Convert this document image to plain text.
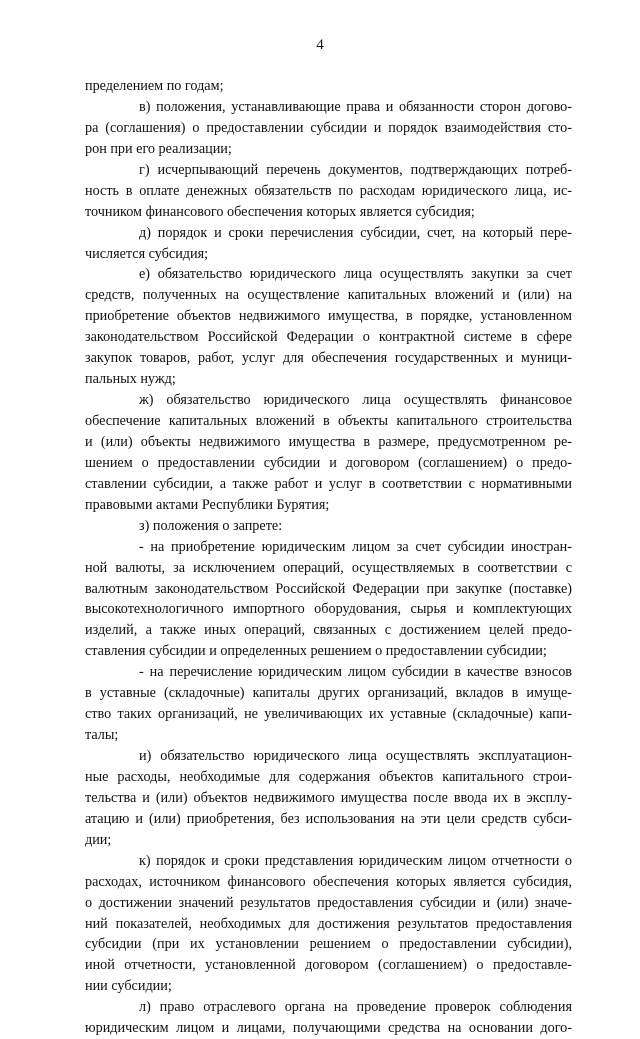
4
пределением по годам;
в) положения, устанавливающие права и обязанности сторон догово-
ра (соглашения) о предоставлении субсидии и порядок взаимодействия сто-
рон при его реализации;
г) исчерпывающий перечень документов, подтверждающих потреб-
ность в оплате денежных обязательств по расходам юридического лица, ис-
точником финансового обеспечения которых является субсидия;
д) порядок и сроки перечисления субсидии, счет, на который пере-
числяется субсидия;
е) обязательство юридического лица осуществлять закупки за счет
средств, полученных на осуществление капитальных вложений и (или) на
приобретение объектов недвижимого имущества, в порядке, установленном
законодательством Российской Федерации о контрактной системе в сфере
закупок товаров, работ, услуг для обеспечения государственных и муници-
пальных нужд;
ж) обязательство юридического лица осуществлять финансовое
обеспечение капитальных вложений в объекты капитального строительства
и (или) объекты недвижимого имущества в размере, предусмотренном ре-
шением о предоставлении субсидии и договором (соглашением) о предо-
ставлении субсидии, а также работ и услуг в соответствии с нормативными
правовыми актами Республики Бурятия;
з) положения о запрете:
- на приобретение юридическим лицом за счет субсидии иностран-
ной валюты, за исключением операций, осуществляемых в соответствии с
валютным законодательством Российской Федерации при закупке (поставке)
высокотехнологичного импортного оборудования, сырья и комплектующих
изделий, а также иных операций, связанных с достижением целей предо-
ставления субсидии и определенных решением о предоставлении субсидии;
- на перечисление юридическим лицом субсидии в качестве взносов
в уставные (складочные) капиталы других организаций, вкладов в имуще-
ство таких организаций, не увеличивающих их уставные (складочные) капи-
талы;
и) обязательство юридического лица осуществлять эксплуатацион-
ные расходы, необходимые для содержания объектов капитального строи-
тельства и (или) объектов недвижимого имущества после ввода их в эксплу-
атацию и (или) приобретения, без использования на эти цели средств субси-
дии;
к) порядок и сроки представления юридическим лицом отчетности о
расходах, источником финансового обеспечения которых является субсидия,
о достижении значений результатов предоставления субсидии и (или) значе-
ний показателей, необходимых для достижения результатов предоставления
субсидии (при их установлении решением о предоставлении субсидии),
иной отчетности, установленной договором (соглашением) о предоставле-
нии субсидии;
л) право отраслевого органа на проведение проверок соблюдения
юридическим лицом и лицами, получающими средства на основании дого-
